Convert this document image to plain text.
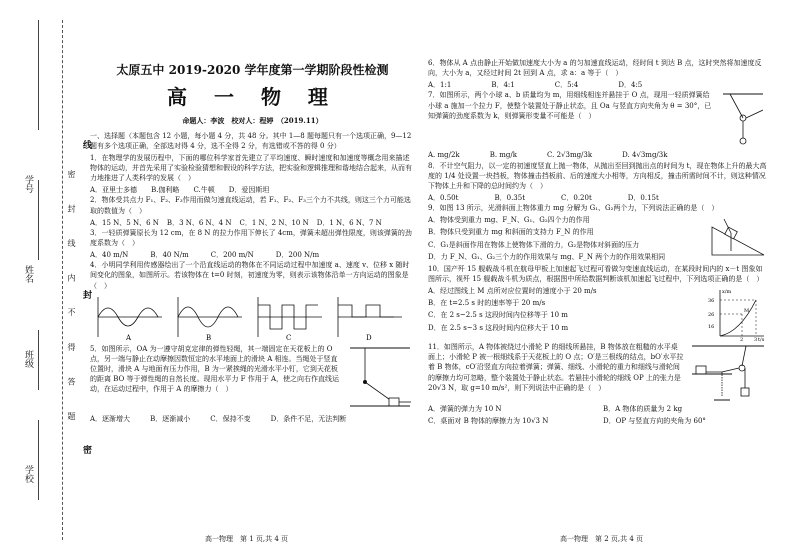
学校
班级
姓名
学号	密 封 线 内 不 得 答 题
线
封
密
太原五中 2019-2020 学年度第一学期阶段性检测
高 一 物 理
命题人：李波　校对人：程婷　（2019.11）

一、选择题（本题包含 12 小题，每小题 4 分，共 48 分。其中 1—8 题每题只有一个选项正确，9—12 题有多个选项正确，全部选对得 4 分，选不全得 2 分，有选错或不答的得 0 分）

1．在物理学的发展历程中，下面的哪位科学家首先建立了平均速度、瞬时速度和加速度等概念用来描述物体的运动，并首先采用了实验检验猜想和假设的科学方法，把实验和逻辑推理和谐地结合起来，从而有力地推进了人类科学的发展（　）

A．亚里士多德 B.伽利略 C.牛顿 D．爱因斯坦

2．物体受共点力 F₁、F₂、F₃作用而做匀速直线运动，若 F₁、F₂、F₃三个力不共线，则这三个力可能选取的数值为（　）

A．15 N、5 N、6 N B．3 N、6 N、4 N C．1 N、2 N、10 N D．1 N、6 N、7 N

3．一轻质弹簧原长为 12 cm，在 8 N 的拉力作用下伸长了 4cm，弹簧未超出弹性限度，则该弹簧的劲度系数为（　）

A．40 m/N	B．40 N/m	C．200 m/N	D．200 N/m

4．小明同学利用传感器绘出了一个沿直线运动的物体在不同运动过程中加速度 a、速度 v、位移 x 随时间变化的图象，如图所示。若该物体在 t=0 时刻，初速度为零，则表示该物体沿单一方向运动的图象是（　）

A	B	C	D

5．如图所示，OA 为一遵守胡克定律的弹性轻绳，其一端固定在天花板上的 O 点，另一端与静止在动摩擦因数恒定的水平地面上的滑块 A 相连。当绳处于竖直位置时，滑块 A 与地面有压力作用，B 为一紧挨绳的光滑水平小钉，它到天花板的距离 BO 等于弹性绳的自然长度。现用水平力 F 作用于 A，使之向右作直线运动，在运动过程中，作用于 A 的摩擦力（　）

A．逐渐增大	B．逐渐减小	C．保持不变	D．条件不足，无法判断
高一物理　第 1 页,共 4 页

6．物体从 A 点由静止开始做加速度大小为 a 的匀加速直线运动，经时间 t 到达 B 点，这时突然将加速度反向，大小为 a，又经过时间 2t 回到 A 点，求 a：a 等于（　）

A．1:1	B．4:1	C．5:4	D．4:5

7．如图所示，两个小球 a、b 质量均为 m，用细线相连并悬挂于 O 点，现用一轻质弹簧给小球 a 施加一个拉力 F，使整个装置处于静止状态，且 Oa 与竖直方向夹角为 θ = 30°，已知弹簧的劲度系数为 k，则弹簧形变量不可能是（　）

A. mg/2k	B. mg/k	C. 2√3mg/3k	D. 4√3mg/3k

8．不计空气阻力，以一定的初速度竖直上抛一物体，从抛出至回到抛出点的时间为 t，现在物体上升的最大高度的 1/4 处设置一块挡板，物体撞击挡板前、后的速度大小相等，方向相反，撞击所需时间不计，则这种情况下物体上升和下降的总时间约为（　）

A．0.50t	B．0.35t	C．0.20t	D．0.15t

9．如图 13 所示，光滑斜面上物体重力 mg 分解为 G₁、G₂两个力，下列说法正确的是（　）

A．物体受到重力 mg、F_N、G₁、G₂四个力的作用

B．物体只受到重力 mg 和斜面的支持力 F_N 的作用

C．G₁是斜面作用在物体上使物体下滑的力，G₂是物体对斜面的压力

D．力 F_N、G₁、G₂三个力的作用效果与 mg、F_N 两个力的作用效果相同

10．国产歼 15 舰载战斗机在航母甲板上加速起飞过程可看做匀变速直线运动，在某段时间内的 x－t 图象如图所示，视歼 15 舰载战斗机为质点，根据图中所给数据判断该机加速起飞过程中，下列选项正确的是（　）

A．经过图线上 M 点所对应位置时的速度小于 20 m/s

B．在 t=2.5 s 时的速率等于 20 m/s

C．在 2 s~2.5 s 这段时间内位移等于 10 m

D．在 2.5 s~3 s 这段时间内位移大于 10 m

x/m
t/s
36
26
16
2 3
M

11．如图所示，A 物体被绕过小滑轮 P 的细线所悬挂，B 物体放在粗糙的水平桌面上；小滑轮 P 被一根细线系于天花板上的 O 点；O′是三根线的结点，bO′水平拉着 B 物体，cO′沿竖直方向拉着弹簧；弹簧、细线、小滑轮的重力和细线与滑轮间的摩擦力均可忽略，整个装置处于静止状态。若悬挂小滑轮的细线 OP 上的张力是 20√3 N，取 g=10 m/s²，则下列说法中正确的是（　）

A．弹簧的弹力为 10 N	B．A 物体的质量为 2 kg

C．桌面对 B 物体的摩擦力为 10√3 N	D．OP 与竖直方向的夹角为 60°

高一物理　第 2 页,共 4 页
